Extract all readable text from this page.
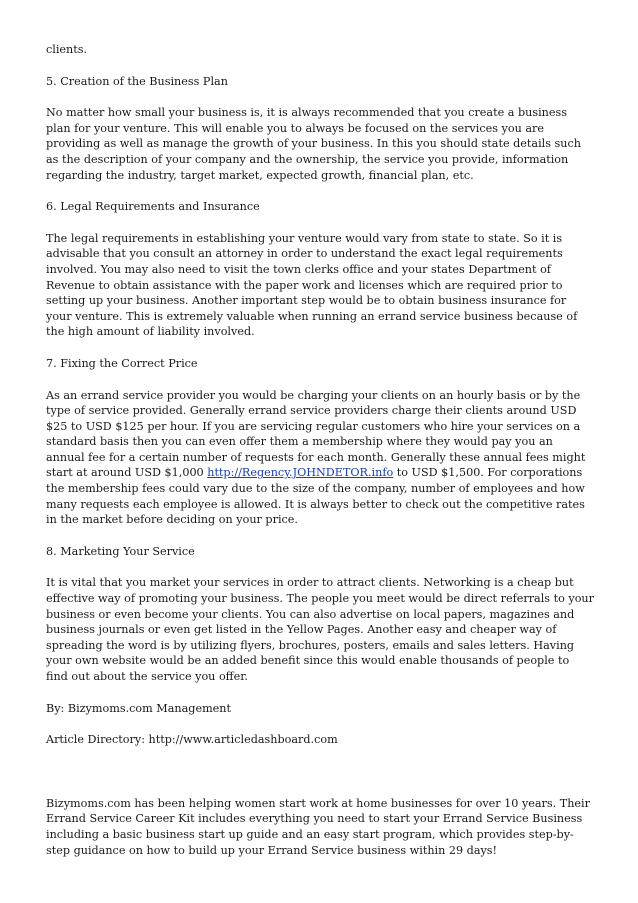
clients.

5. Creation of the Business Plan

No matter how small your business is, it is always recommended that you create a business plan for your venture. This will enable you to always be focused on the services you are providing as well as manage the growth of your business. In this you should state details such as the description of your company and the ownership, the service you provide, information regarding the industry, target market, expected growth, financial plan, etc.

6. Legal Requirements and Insurance

The legal requirements in establishing your venture would vary from state to state. So it is advisable that you consult an attorney in order to understand the exact legal requirements involved. You may also need to visit the town clerks office and your states Department of Revenue to obtain assistance with the paper work and licenses which are required prior to setting up your business. Another important step would be to obtain business insurance for your venture. This is extremely valuable when running an errand service business because of the high amount of liability involved.

7. Fixing the Correct Price

As an errand service provider you would be charging your clients on an hourly basis or by the type of service provided. Generally errand service providers charge their clients around USD $25 to USD $125 per hour. If you are servicing regular customers who hire your services on a standard basis then you can even offer them a membership where they would pay you an annual fee for a certain number of requests for each month. Generally these annual fees might start at around USD $1,000 http://Regency.JOHNDETOR.info to USD $1,500. For corporations the membership fees could vary due to the size of the company, number of employees and how many requests each employee is allowed. It is always better to check out the competitive rates in the market before deciding on your price.

8. Marketing Your Service

It is vital that you market your services in order to attract clients. Networking is a cheap but effective way of promoting your business. The people you meet would be direct referrals to your business or even become your clients. You can also advertise on local papers, magazines and business journals or even get listed in the Yellow Pages. Another easy and cheaper way of spreading the word is by utilizing flyers, brochures, posters, emails and sales letters. Having your own website would be an added benefit since this would enable thousands of people to find out about the service you offer.

By: Bizymoms.com Management

Article Directory: http://www.articledashboard.com

Bizymoms.com has been helping women start work at home businesses for over 10 years. Their Errand Service Career Kit includes everything you need to start your Errand Service Business including a basic business start up guide and an easy start program, which provides step-by-step guidance on how to build up your Errand Service business within 29 days!
